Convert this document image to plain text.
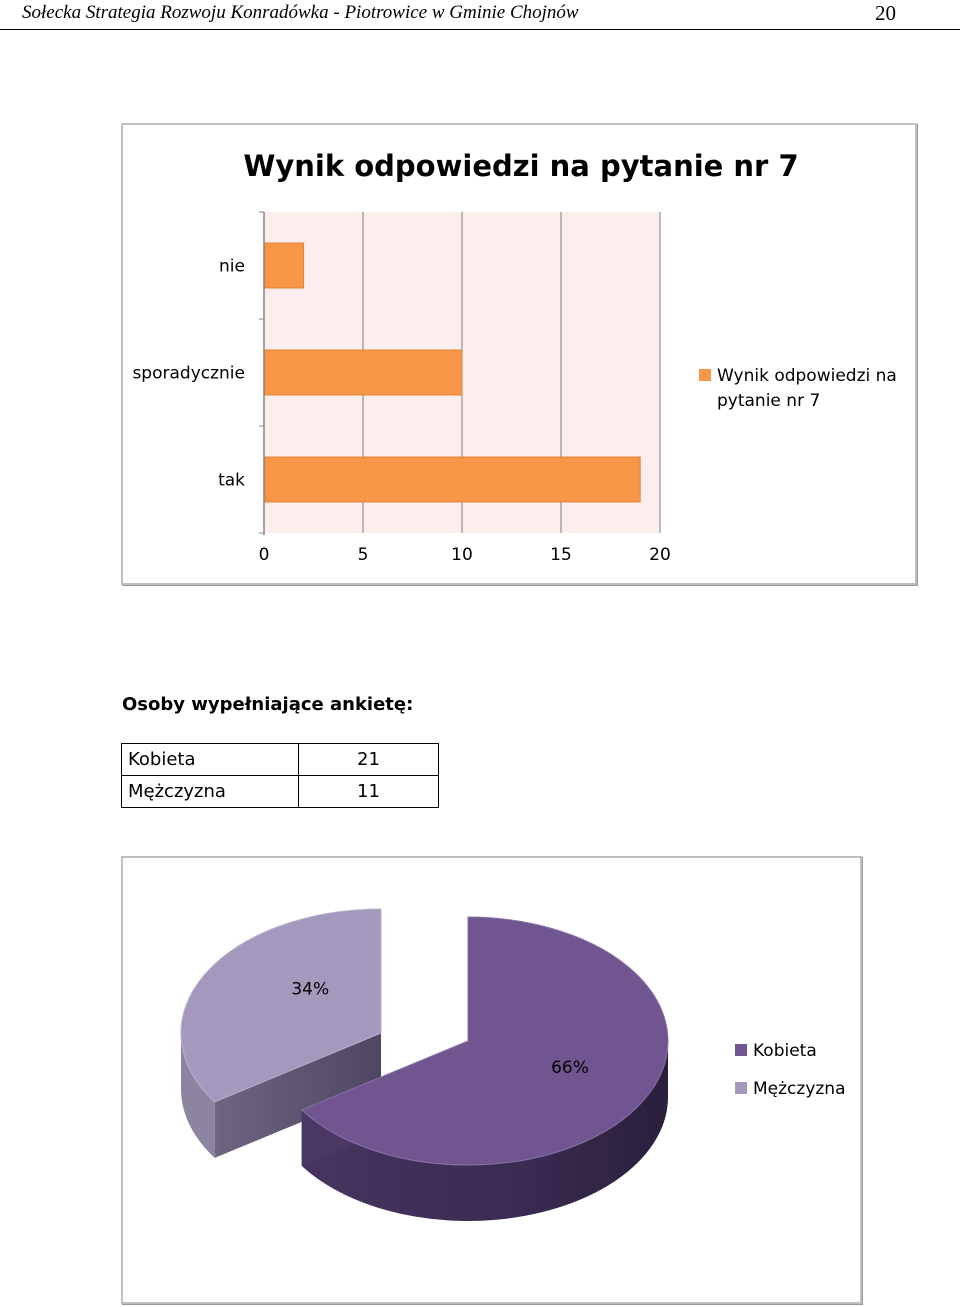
Sołecka Strategia Rozwoju Konradówka - Piotrowice w Gminie Chojnów	20
Wynik odpowiedzi na pytanie nr 7
nie
sporadycznie
tak
0	5	10	15	20
Wynik odpowiedzi na
pytanie nr 7
Osoby wypełniające ankietę:
Kobieta	21
Mężczyzna	11
34%
66%
Kobieta
Mężczyzna
